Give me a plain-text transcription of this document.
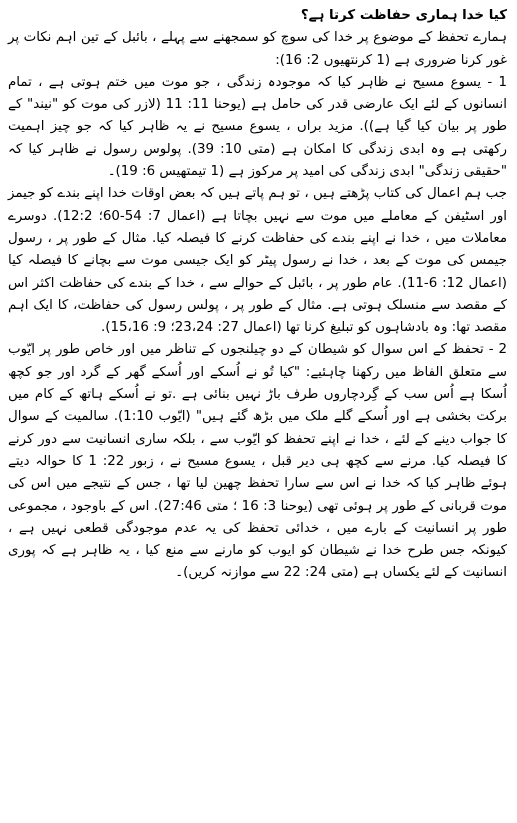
کیا خدا ہماری حفاظت کرتا ہے؟

ہمارے تحفظ کے موضوع پر خدا کی سوچ کو سمجھنے سے پہلے ، بائبل کے تین اہم نکات پر غور کرنا ضروری ہے (1 کرنتھیوں 2: 16):

1 - یسوع مسیح نے ظاہر کیا کہ موجودہ زندگی ، جو موت میں ختم ہوتی ہے ، تمام انسانوں کے لئے ایک عارضی قدر کی حامل ہے (یوحنا 11: 11 (لازر کی موت کو "نیند" کے طور پر بیان کیا گیا ہے)). مزید براں ، یسوع مسیح نے یہ ظاہر کیا کہ جو چیز اہمیت رکھتی ہے وہ ابدی زندگی کا امکان ہے (متی 10: 39). پولوس رسول نے ظاہر کیا کہ "حقیقی زندگی" ابدی زندگی کی امید پر مرکوز ہے (1 تیمتھیس 6: 19)۔

جب ہم اعمال کی کتاب پڑھتے ہیں ، تو ہم پاتے ہیں کہ بعض اوقات خدا اپنے بندے کو جیمز اور اسٹیفن کے معاملے میں موت سے نہیں بچاتا ہے (اعمال 7: 54-60؛ 12:2). دوسرے معاملات میں ، خدا نے اپنے بندے کی حفاظت کرنے کا فیصلہ کیا. مثال کے طور پر ، رسول جیمس کی موت کے بعد ، خدا نے رسول پیٹر کو ایک جیسی موت سے بچانے کا فیصلہ کیا (اعمال 12: 6-11). عام طور پر ، بائبل کے حوالے سے ، خدا کے بندے کی حفاظت اکثر اس کے مقصد سے منسلک ہوتی ہے. مثال کے طور پر ، پولس رسول کی حفاظت، کا ایک اہم مقصد تھا: وہ بادشاہوں کو تبلیغ کرنا تھا (اعمال 27: 23،24؛ 9: 15،16).

2 - تحفظ کے اس سوال کو شیطان کے دو چیلنجوں کے تناظر میں اور خاص طور پر ایّوب سے متعلق الفاظ میں رکھنا چاہئیے: "کیا تُو نے اُسکے اور اُسکے گھر کے گرد اور جو کچھ اُسکا ہے اُس سب کے گِردچاروں طرف باڑ نہیں بنائی ہے .تو نے اُسکے ہاتھ کے کام میں برکت بخشی ہے اور اُسکے گلے ملک میں بڑھ گئے ہیں" (ایّوب 1:10). سالمیت کے سوال کا جواب دینے کے لئے ، خدا نے اپنے تحفظ کو ایّوب سے ، بلکہ ساری انسانیت سے دور کرنے کا فیصلہ کیا. مرنے سے کچھ ہی دیر قبل ، یسوع مسیح نے ، زبور 22: 1 کا حوالہ دیتے ہوئے ظاہر کیا کہ خدا نے اس سے سارا تحفظ چھین لیا تھا ، جس کے نتیجے میں اس کی موت قربانی کے طور پر ہوئی تھی (یوحنا 3: 16 ؛ متی 27:46). اس کے باوجود ، مجموعی طور پر انسانیت کے بارے میں ، خدائی تحفظ کی یہ عدم موجودگی قطعی نہیں ہے ، کیونکہ جس طرح خدا نے شیطان کو ایوب کو مارنے سے منع کیا ، یہ ظاہر ہے کہ پوری انسانیت کے لئے یکساں ہے (متی 24: 22 سے موازنہ کریں)۔
